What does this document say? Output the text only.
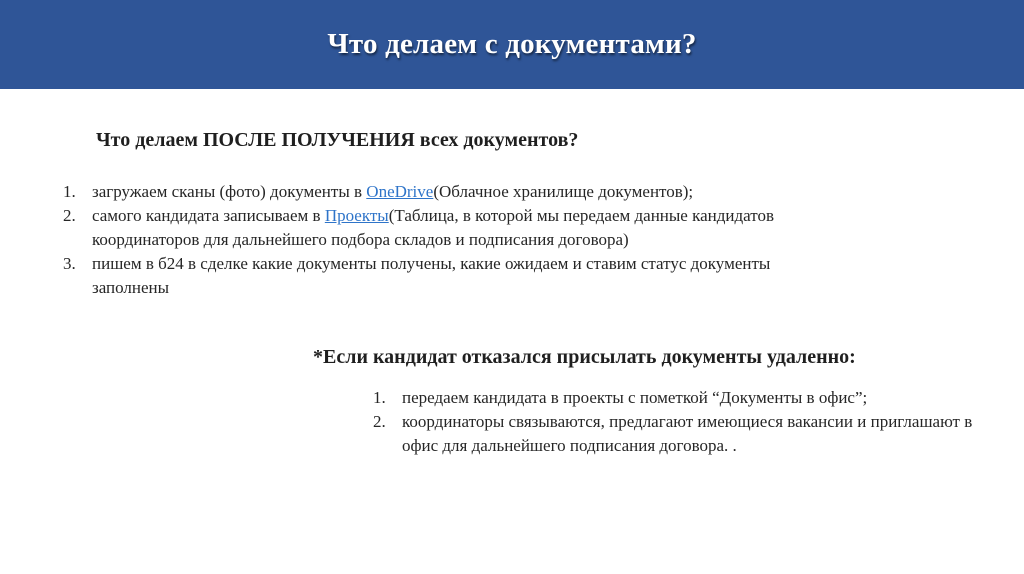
Что делаем с документами?
Что делаем ПОСЛЕ ПОЛУЧЕНИЯ всех документов?
1. загружаем сканы (фото) документы в OneDrive(Облачное хранилище документов);
2. самого кандидата записываем в Проекты(Таблица, в которой мы передаем данные кандидатов координаторов для дальнейшего подбора складов и подписания договора)
3. пишем в б24 в сделке какие документы получены, какие ожидаем и ставим статус документы заполнены
*Если кандидат отказался присылать документы удаленно:
1. передаем кандидата в проекты с пометкой “Документы в офис”;
2. координаторы связываются, предлагают имеющиеся вакансии и приглашают в офис для дальнейшего подписания договора. .
